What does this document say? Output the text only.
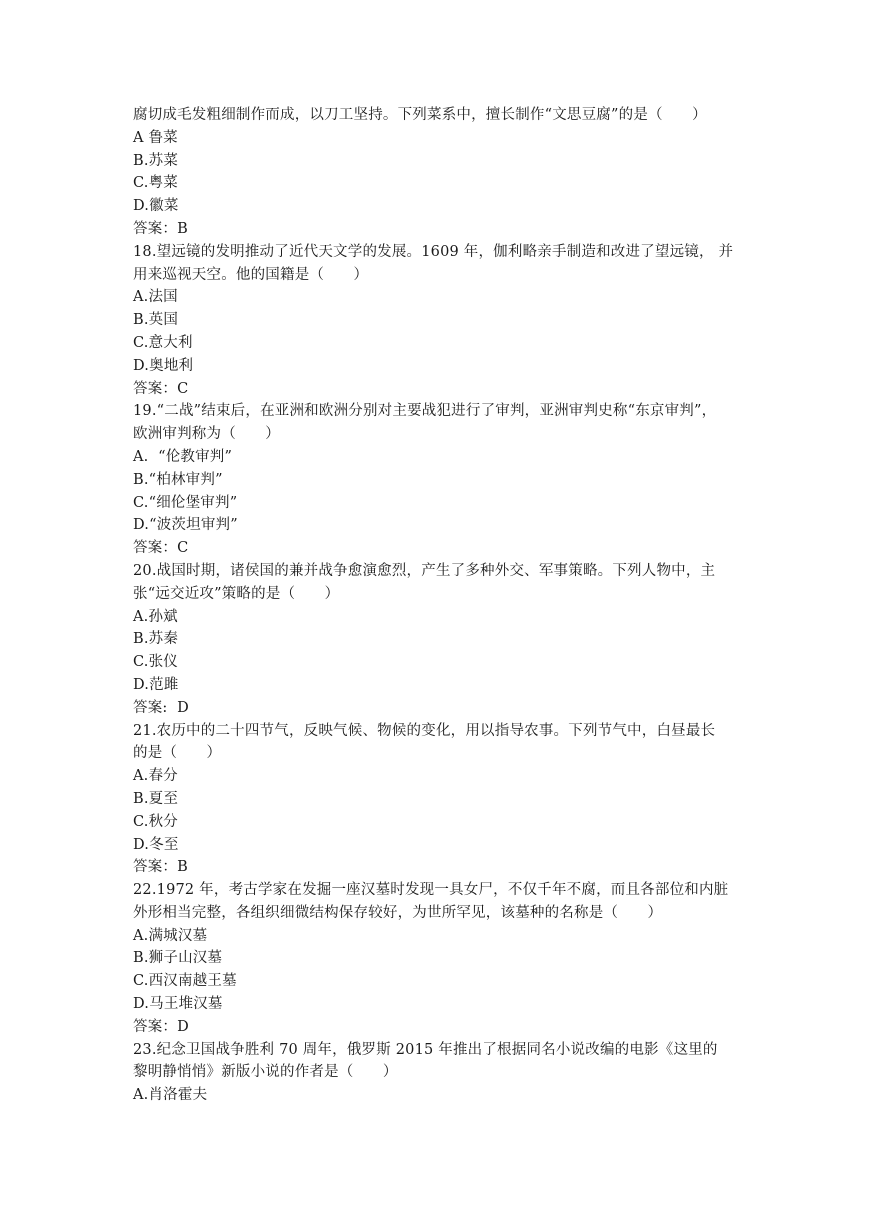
腐切成毛发粗细制作而成，以刀工坚持。下列菜系中，擅长制作“文思豆腐”的是（　　）
A 鲁菜
B.苏菜
C.粤菜
D.徽菜
答案：B
18.望远镜的发明推动了近代天文学的发展。1609 年，伽利略亲手制造和改进了望远镜， 并
用来巡视天空。他的国籍是（　　）
A.法国
B.英国
C.意大利
D.奥地利
答案：C
19.“二战”结束后，在亚洲和欧洲分别对主要战犯进行了审判，亚洲审判史称“东京审判”，
欧洲审判称为（　　）
A.  “伦教审判”
B.“柏林审判”
C.“细伦堡审判”
D.“波茨坦审判”
答案：C
20.战国时期，诸侯国的兼并战争愈演愈烈，产生了多种外交、军事策略。下列人物中，主
张“远交近攻”策略的是（　　）
A.孙斌
B.苏秦
C.张仪
D.范雎
答案:  D
21.农历中的二十四节气，反映气候、物候的变化，用以指导农事。下列节气中，白昼最长
的是（　　）
A.春分
B.夏至
C.秋分
D.冬至
答案：B
22.1972 年，考古学家在发掘一座汉墓时发现一具女尸，不仅千年不腐，而且各部位和内脏
外形相当完整，各组织细微结构保存较好，为世所罕见，该墓种的名称是（　　）
A.满城汉墓
B.狮子山汉墓
C.西汉南越王墓
D.马王堆汉墓
答案：D
23.纪念卫国战争胜利 70 周年，俄罗斯 2015 年推出了根据同名小说改编的电影《这里的
黎明静悄悄》新版小说的作者是（　　）
A.肖洛霍夫
